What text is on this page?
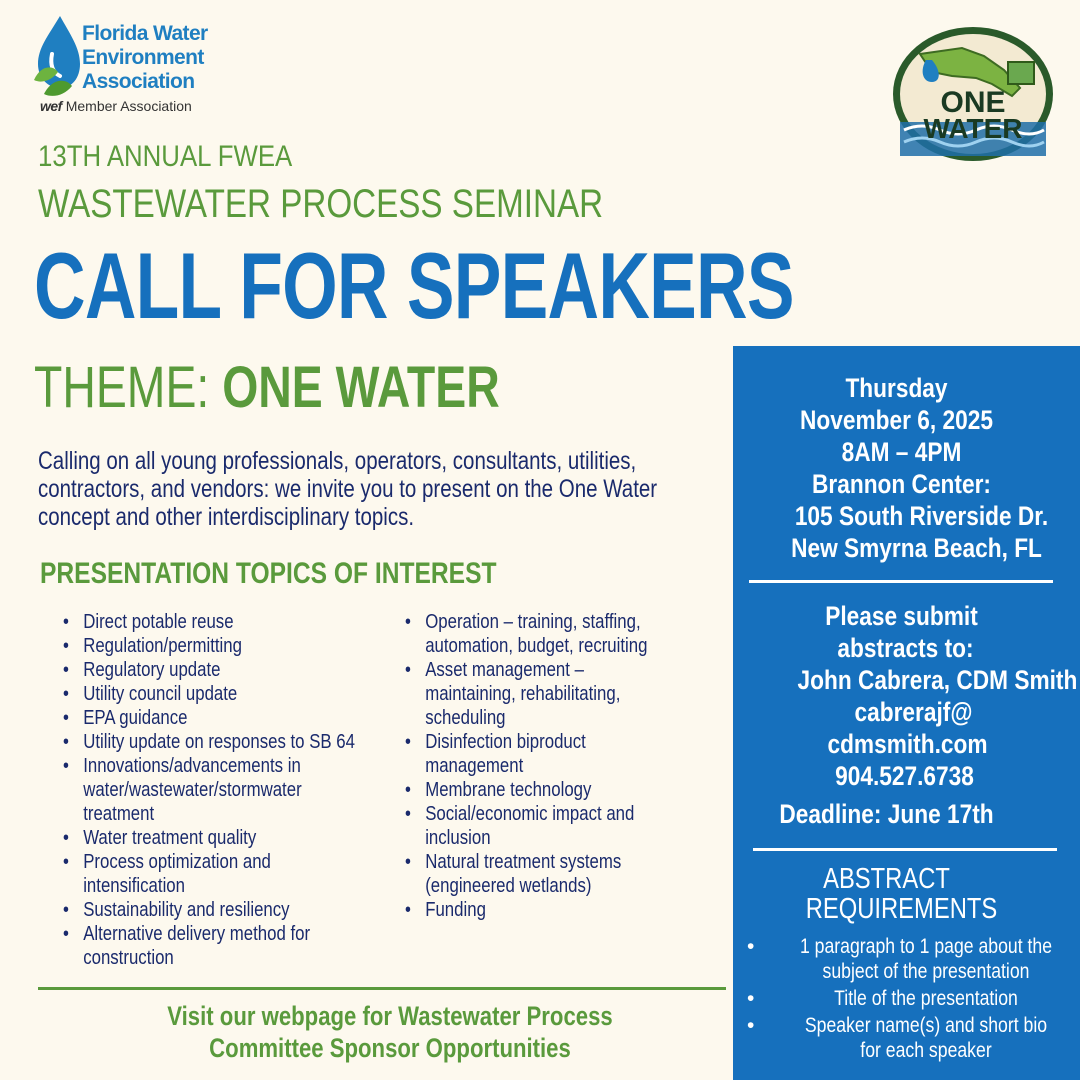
Florida Water
Environment
Association
wef Member Association	ONE
WATER
13TH ANNUAL FWEA
WASTEWATER PROCESS SEMINAR
CALL FOR SPEAKERS
THEME: ONE WATER
Calling on all young professionals, operators, consultants, utilities, contractors, and vendors: we invite you to present on the One Water concept and other interdisciplinary topics.
PRESENTATION TOPICS OF INTEREST
• Direct potable reuse
• Regulation/permitting
• Regulatory update
• Utility council update
• EPA guidance
• Utility update on responses to SB 64
• Innovations/advancements in water/wastewater/stormwater treatment
• Water treatment quality
• Process optimization and intensification
• Sustainability and resiliency
• Alternative delivery method for construction
• Operation – training, staffing, automation, budget, recruiting
• Asset management – maintaining, rehabilitating, scheduling
• Disinfection biproduct management
• Membrane technology
• Social/economic impact and inclusion
• Natural treatment systems (engineered wetlands)
• Funding
Visit our webpage for Wastewater Process
Committee Sponsor Opportunities
Thursday
November 6, 2025
8AM – 4PM
Brannon Center:
105 South Riverside Dr.
New Smyrna Beach, FL
Please submit
abstracts to:
John Cabrera, CDM Smith
cabrerajf@
cdmsmith.com
904.527.6738
Deadline: June 17th
ABSTRACT
REQUIREMENTS
• 1 paragraph to 1 page about the subject of the presentation
• Title of the presentation
• Speaker name(s) and short bio for each speaker
